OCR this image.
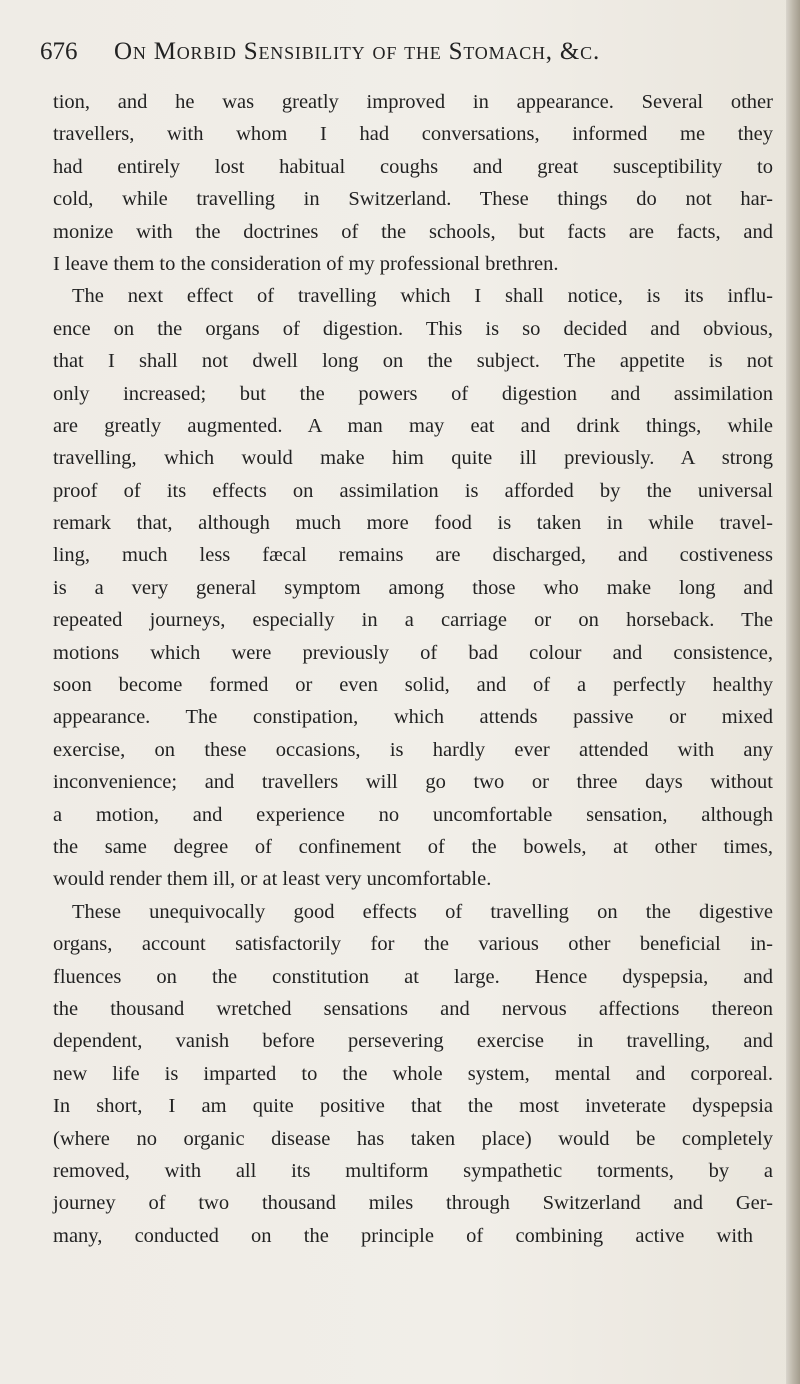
676 On Morbid Sensibility of the Stomach, &c.
tion, and he was greatly improved in appearance. Several other
travellers, with whom I had conversations, informed me they
had entirely lost habitual coughs and great susceptibility to
cold, while travelling in Switzerland. These things do not har-
monize with the doctrines of the schools, but facts are facts, and
I leave them to the consideration of my professional brethren.
The next effect of travelling which I shall notice, is its influ-
ence on the organs of digestion. This is so decided and obvious,
that I shall not dwell long on the subject. The appetite is not
only increased; but the powers of digestion and assimilation
are greatly augmented. A man may eat and drink things, while
travelling, which would make him quite ill previously. A strong
proof of its effects on assimilation is afforded by the universal
remark that, although much more food is taken in while travel-
ling, much less fæcal remains are discharged, and costiveness
is a very general symptom among those who make long and
repeated journeys, especially in a carriage or on horseback. The
motions which were previously of bad colour and consistence,
soon become formed or even solid, and of a perfectly healthy
appearance. The constipation, which attends passive or mixed
exercise, on these occasions, is hardly ever attended with any
inconvenience; and travellers will go two or three days without
a motion, and experience no uncomfortable sensation, although
the same degree of confinement of the bowels, at other times,
would render them ill, or at least very uncomfortable.
These unequivocally good effects of travelling on the digestive
organs, account satisfactorily for the various other beneficial in-
fluences on the constitution at large. Hence dyspepsia, and
the thousand wretched sensations and nervous affections thereon
dependent, vanish before persevering exercise in travelling, and
new life is imparted to the whole system, mental and corporeal.
In short, I am quite positive that the most inveterate dyspepsia
(where no organic disease has taken place) would be completely
removed, with all its multiform sympathetic torments, by a
journey of two thousand miles through Switzerland and Ger-
many, conducted on the principle of combining active with
